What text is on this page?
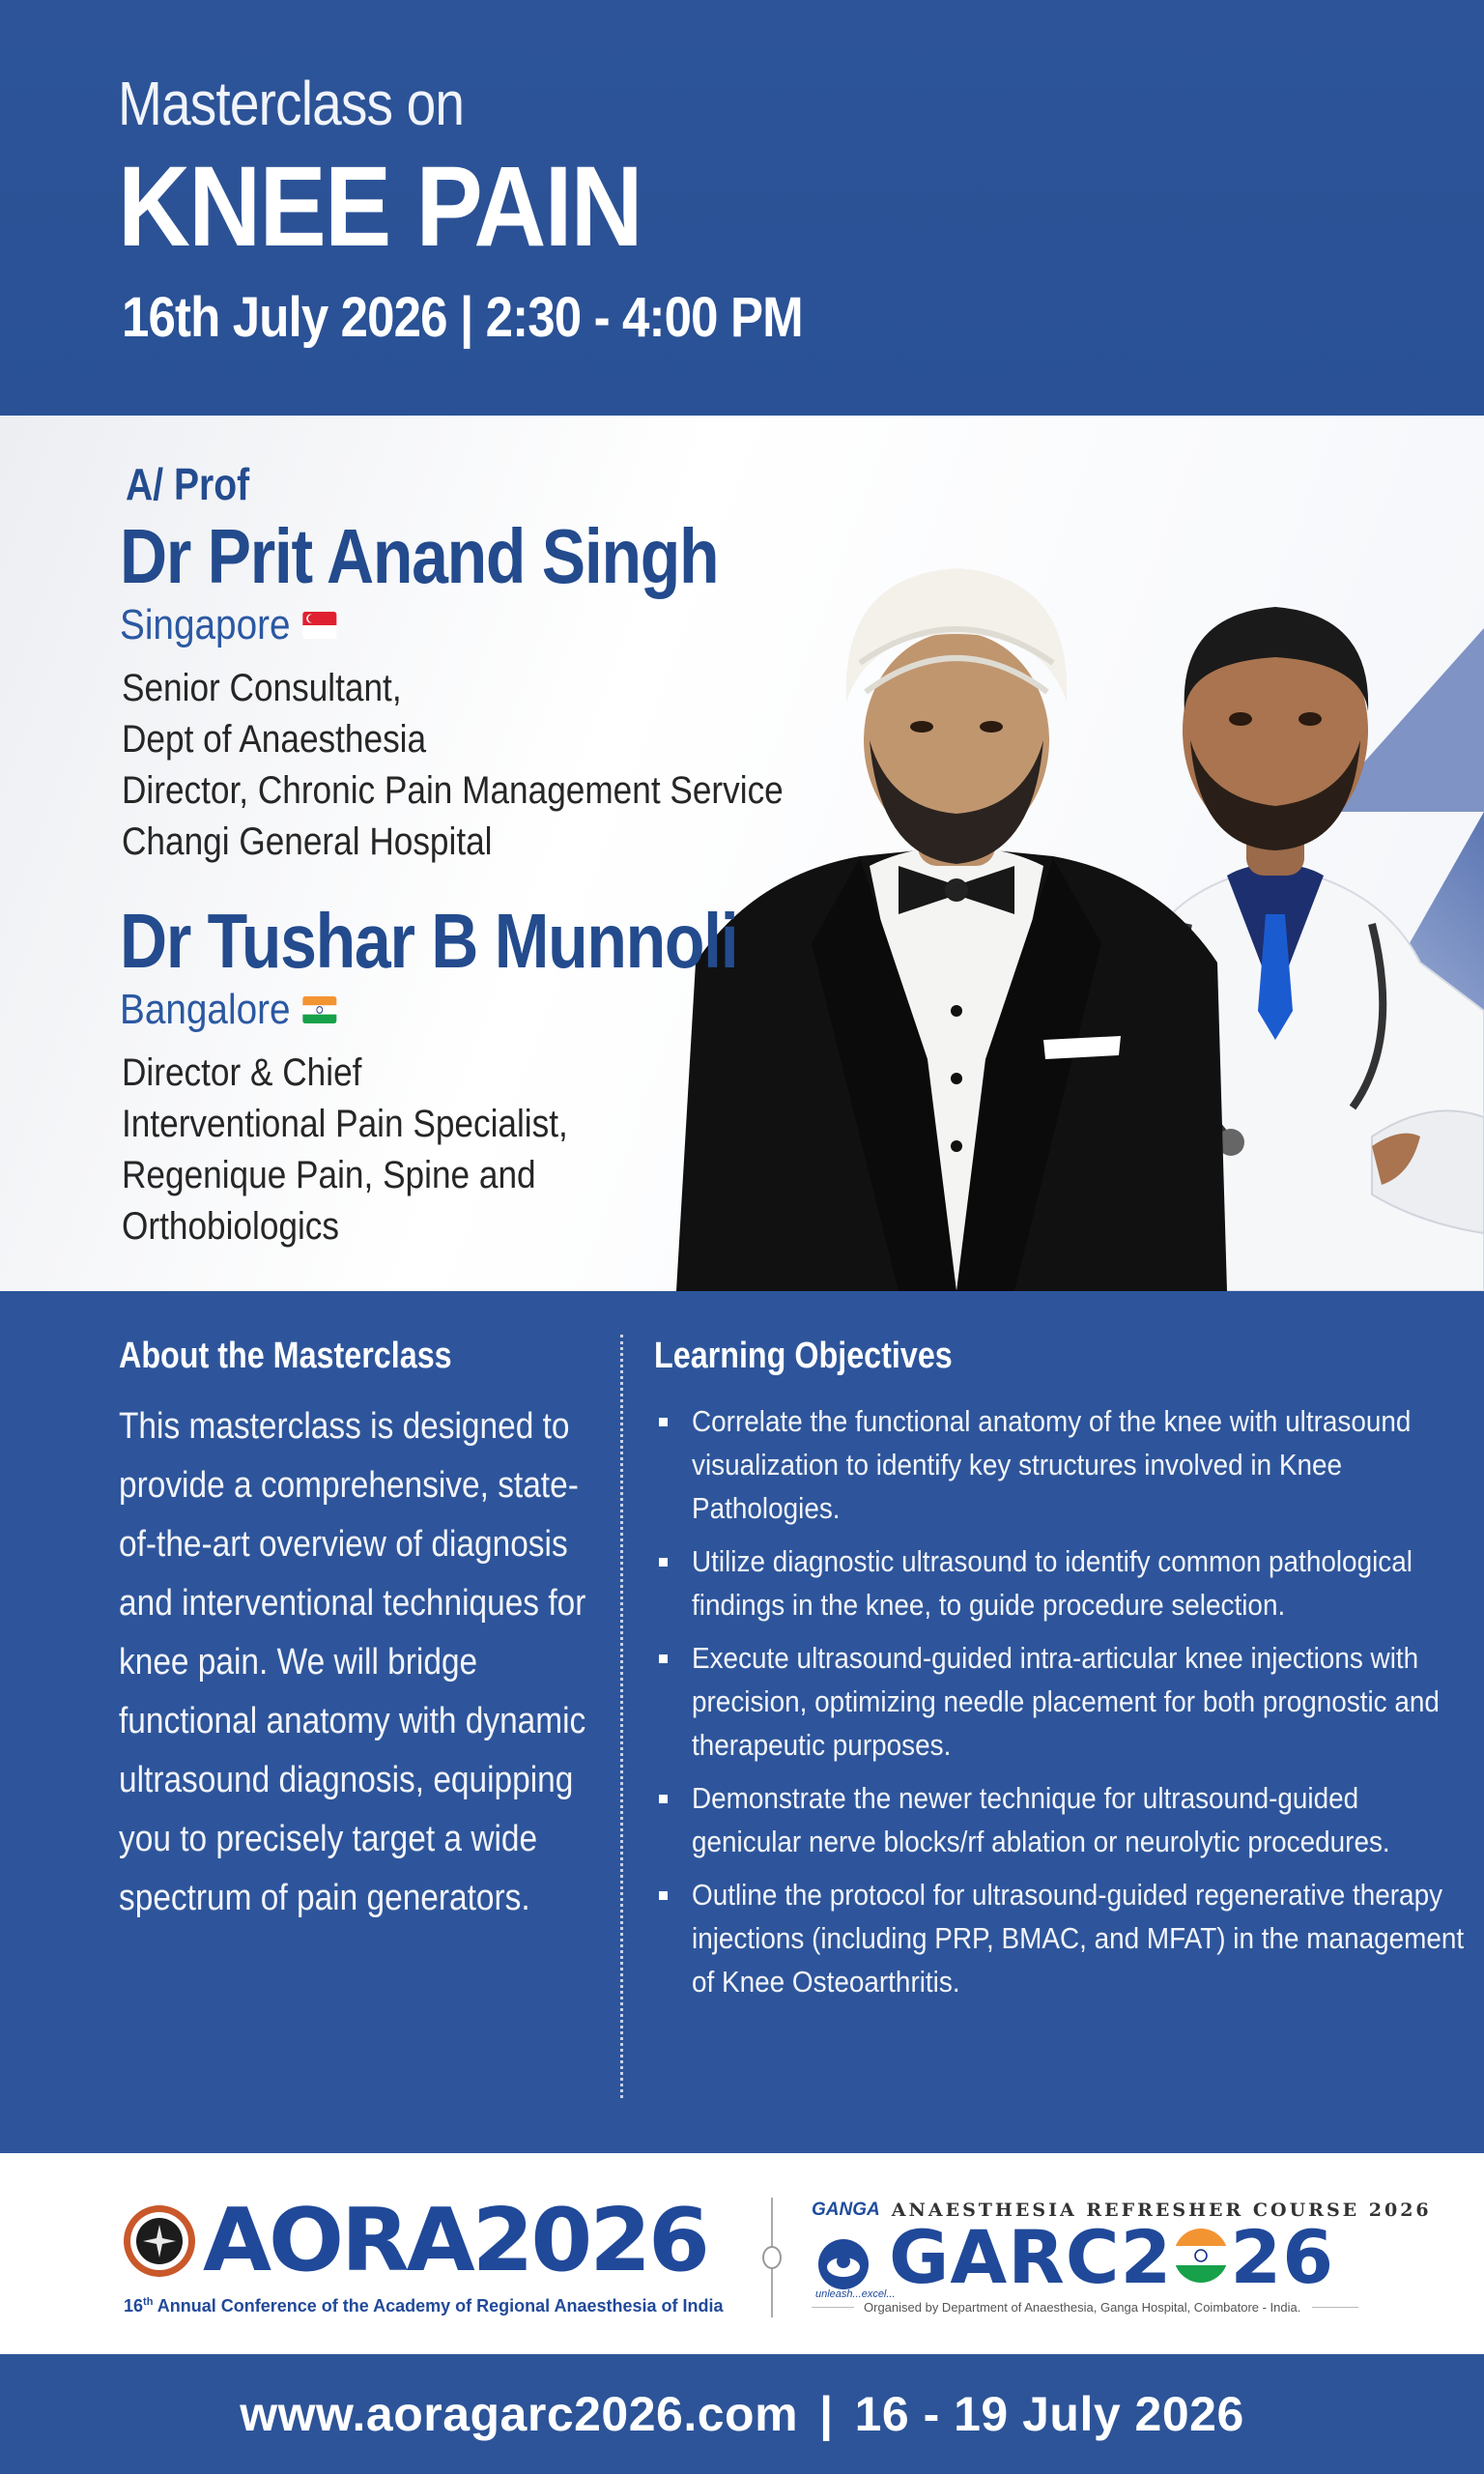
Masterclass on
KNEE PAIN
16th July 2026 | 2:30 - 4:00 PM
A/ Prof
Dr Prit Anand Singh
Singapore
Senior Consultant,
Dept of Anaesthesia
Director, Chronic Pain Management Service
Changi General Hospital
Dr Tushar B Munnoli
Bangalore
Director & Chief
Interventional Pain Specialist,
Regenique Pain, Spine and
Orthobiologics
About the Masterclass
This masterclass is designed to provide a comprehensive, state-of-the-art overview of diagnosis and interventional techniques for knee pain. We will bridge functional anatomy with dynamic ultrasound diagnosis, equipping you to precisely target a wide spectrum of pain generators.
Learning Objectives
Correlate the functional anatomy of the knee with ultrasound visualization to identify key structures involved in Knee Pathologies.
Utilize diagnostic ultrasound to identify common pathological findings in the knee, to guide procedure selection.
Execute ultrasound-guided intra-articular knee injections with precision, optimizing needle placement for both prognostic and therapeutic purposes.
Demonstrate the newer technique for ultrasound-guided genicular nerve blocks/rf ablation or neurolytic procedures.
Outline the protocol for ultrasound-guided regenerative therapy injections (including PRP, BMAC, and MFAT) in the management of Knee Osteoarthritis.
AORA2026
16th Annual Conference of the Academy of Regional Anaesthesia of India
GANGA ANAESTHESIA REFRESHER COURSE 2026
unleash...excel...
GARC2 26
Organised by Department of Anaesthesia, Ganga Hospital, Coimbatore - India.
www.aoragarc2026.com | 16 - 19 July 2026
